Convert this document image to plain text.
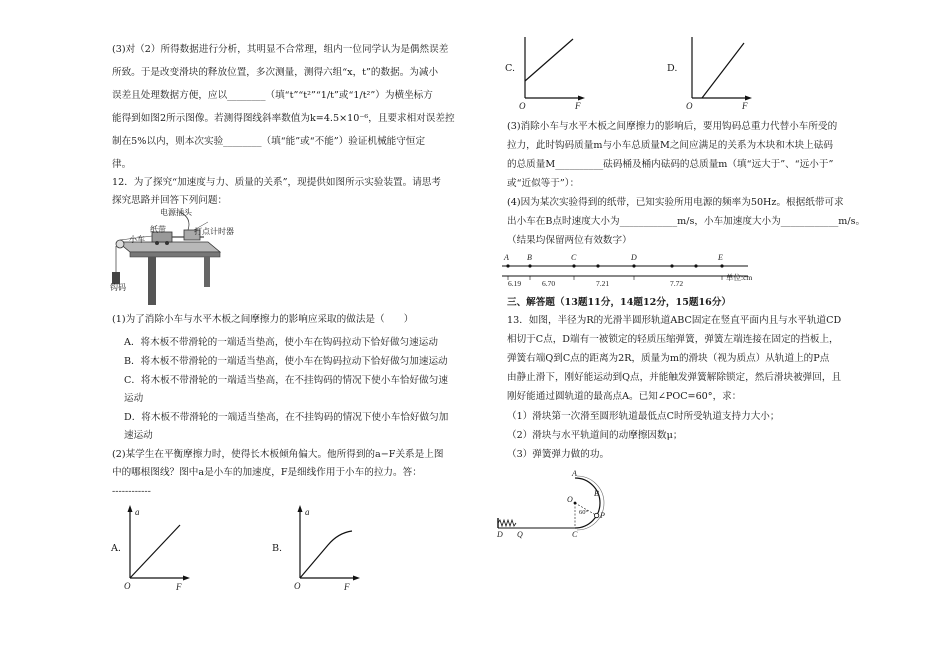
(3)对（2）所得数据进行分析，其明显不合常理，组内一位同学认为是偶然误差
所致。于是改变滑块的释放位置，多次测量，测得六组“x，t”的数据。为减小
误差且处理数据方便，应以________（填“t”“t²”“1/t”或“1/t²”）为横坐标方
能得到如图2所示图像。若测得图线斜率数值为k=4.5×10⁻⁶，且要求相对误差控
制在5%以内，则本次实验________（填“能”或“不能”）验证机械能守恒定
律。
12．为了探究“加速度与力、质量的关系”，现提供如图所示实验装置。请思考
探究思路并回答下列问题：
电源插头
纸带
小车
打点计时器
钩码
(1)为了消除小车与水平木板之间摩擦力的影响应采取的做法是（　　）
A．将木板不带滑轮的一端适当垫高，使小车在钩码拉动下恰好做匀速运动
B．将木板不带滑轮的一端适当垫高，使小车在钩码拉动下恰好做匀加速运动
C．将木板不带滑轮的一端适当垫高，在不挂钩码的情况下使小车恰好做匀速
运动
D．将木板不带滑轮的一端适当垫高，在不挂钩码的情况下使小车恰好做匀加
速运动
(2)某学生在平衡摩擦力时，使得长木板倾角偏大。他所得到的a−F关系是上图
中的哪根图线？图中a是小车的加速度，F是细线作用于小车的拉力。答：
------------
A.
a
F
O
B.
a
F
O
C.
O	F
D.
O	F
(3)消除小车与水平木板之间摩擦力的影响后，要用钩码总重力代替小车所受的
拉力，此时钩码质量m与小车总质量M之间应满足的关系为木块和木块上砝码
的总质量M__________砝码桶及桶内砝码的总质量m（填“远大于”、“远小于”
或“近似等于”）：
(4)因为某次实验得到的纸带，已知实验所用电源的频率为50Hz。根据纸带可求
出小车在B点时速度大小为____________m/s，小车加速度大小为____________m/s。
（结果均保留两位有效数字）
A B	C	D	E
6.19	6.70	7.21	7.72
单位:cm
三、解答题（13题11分，14题12分，15题16分）
13．如图，半径为R的光滑半圆形轨道ABC固定在竖直平面内且与水平轨道CD
相切于C点，D端有一被锁定的轻质压缩弹簧，弹簧左端连接在固定的挡板上，
弹簧右端Q到C点的距离为2R，质量为m的滑块（视为质点）从轨道上的P点
由静止滑下，刚好能运动到Q点，并能触发弹簧解除锁定，然后滑块被弹回，且
刚好能通过圆轨道的最高点A。已知∠POC=60°，求：
（1）滑块第一次滑至圆形轨道最低点C时所受轨道支持力大小；
（2）滑块与水平轨道间的动摩擦因数μ；
（3）弹簧弹力做的功。
A
B
O
60° P
C
D Q
